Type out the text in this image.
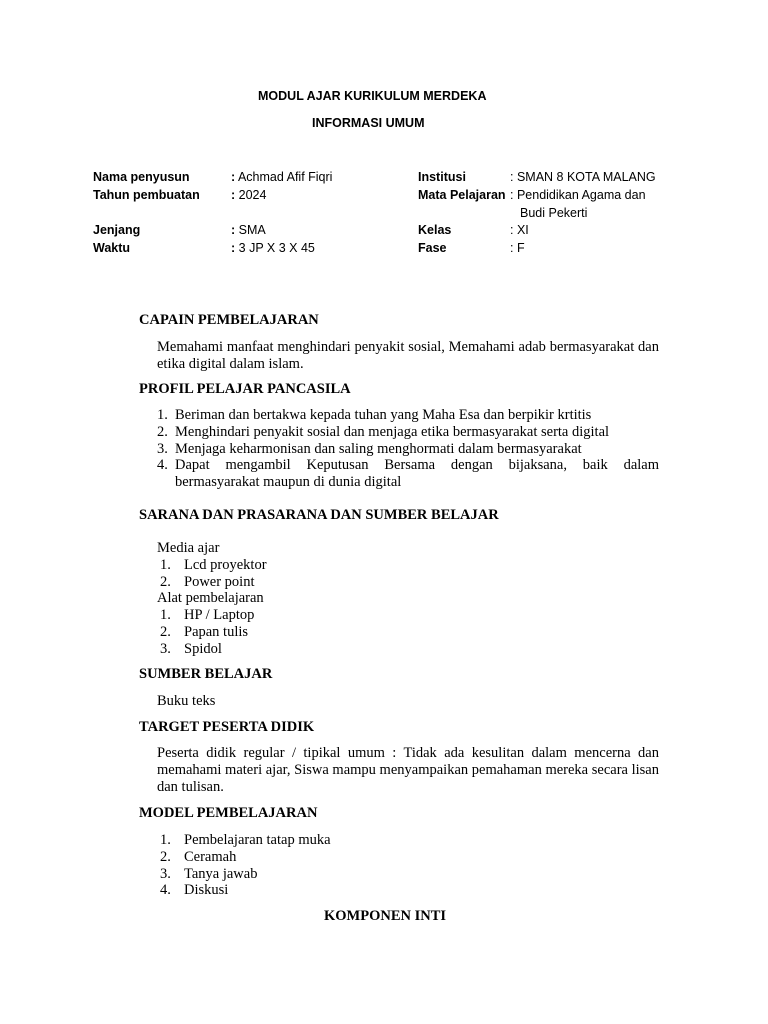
MODUL AJAR KURIKULUM MERDEKA
INFORMASI UMUM
Nama penyusun	: Achmad Afif Fiqri
Tahun pembuatan	: 2024
Jenjang	: SMA
Waktu	: 3 JP X 3 X 45
Institusi	: SMAN 8 KOTA MALANG
Mata Pelajaran : Pendidikan Agama dan
Budi Pekerti
Kelas	: XI
Fase	: F
CAPAIN PEMBELAJARAN
Memahami manfaat menghindari penyakit sosial, Memahami adab bermasyarakat dan etika digital dalam islam.
PROFIL PELAJAR PANCASILA
1. Beriman dan bertakwa kepada tuhan yang Maha Esa dan berpikir krtitis
2. Menghindari penyakit sosial dan menjaga etika bermasyarakat serta digital
3. Menjaga keharmonisan dan saling menghormati dalam bermasyarakat
4. Dapat mengambil Keputusan Bersama dengan bijaksana, baik dalam bermasyarakat maupun di dunia digital
SARANA DAN PRASARANA DAN SUMBER BELAJAR
Media ajar
1. Lcd proyektor
2. Power point
Alat pembelajaran
1. HP / Laptop
2. Papan tulis
3. Spidol
SUMBER BELAJAR
Buku teks
TARGET PESERTA DIDIK
Peserta didik regular / tipikal umum : Tidak ada kesulitan dalam mencerna dan memahami materi ajar, Siswa mampu menyampaikan pemahaman mereka secara lisan dan tulisan.
MODEL PEMBELAJARAN
1. Pembelajaran tatap muka
2. Ceramah
3. Tanya jawab
4. Diskusi
KOMPONEN INTI
